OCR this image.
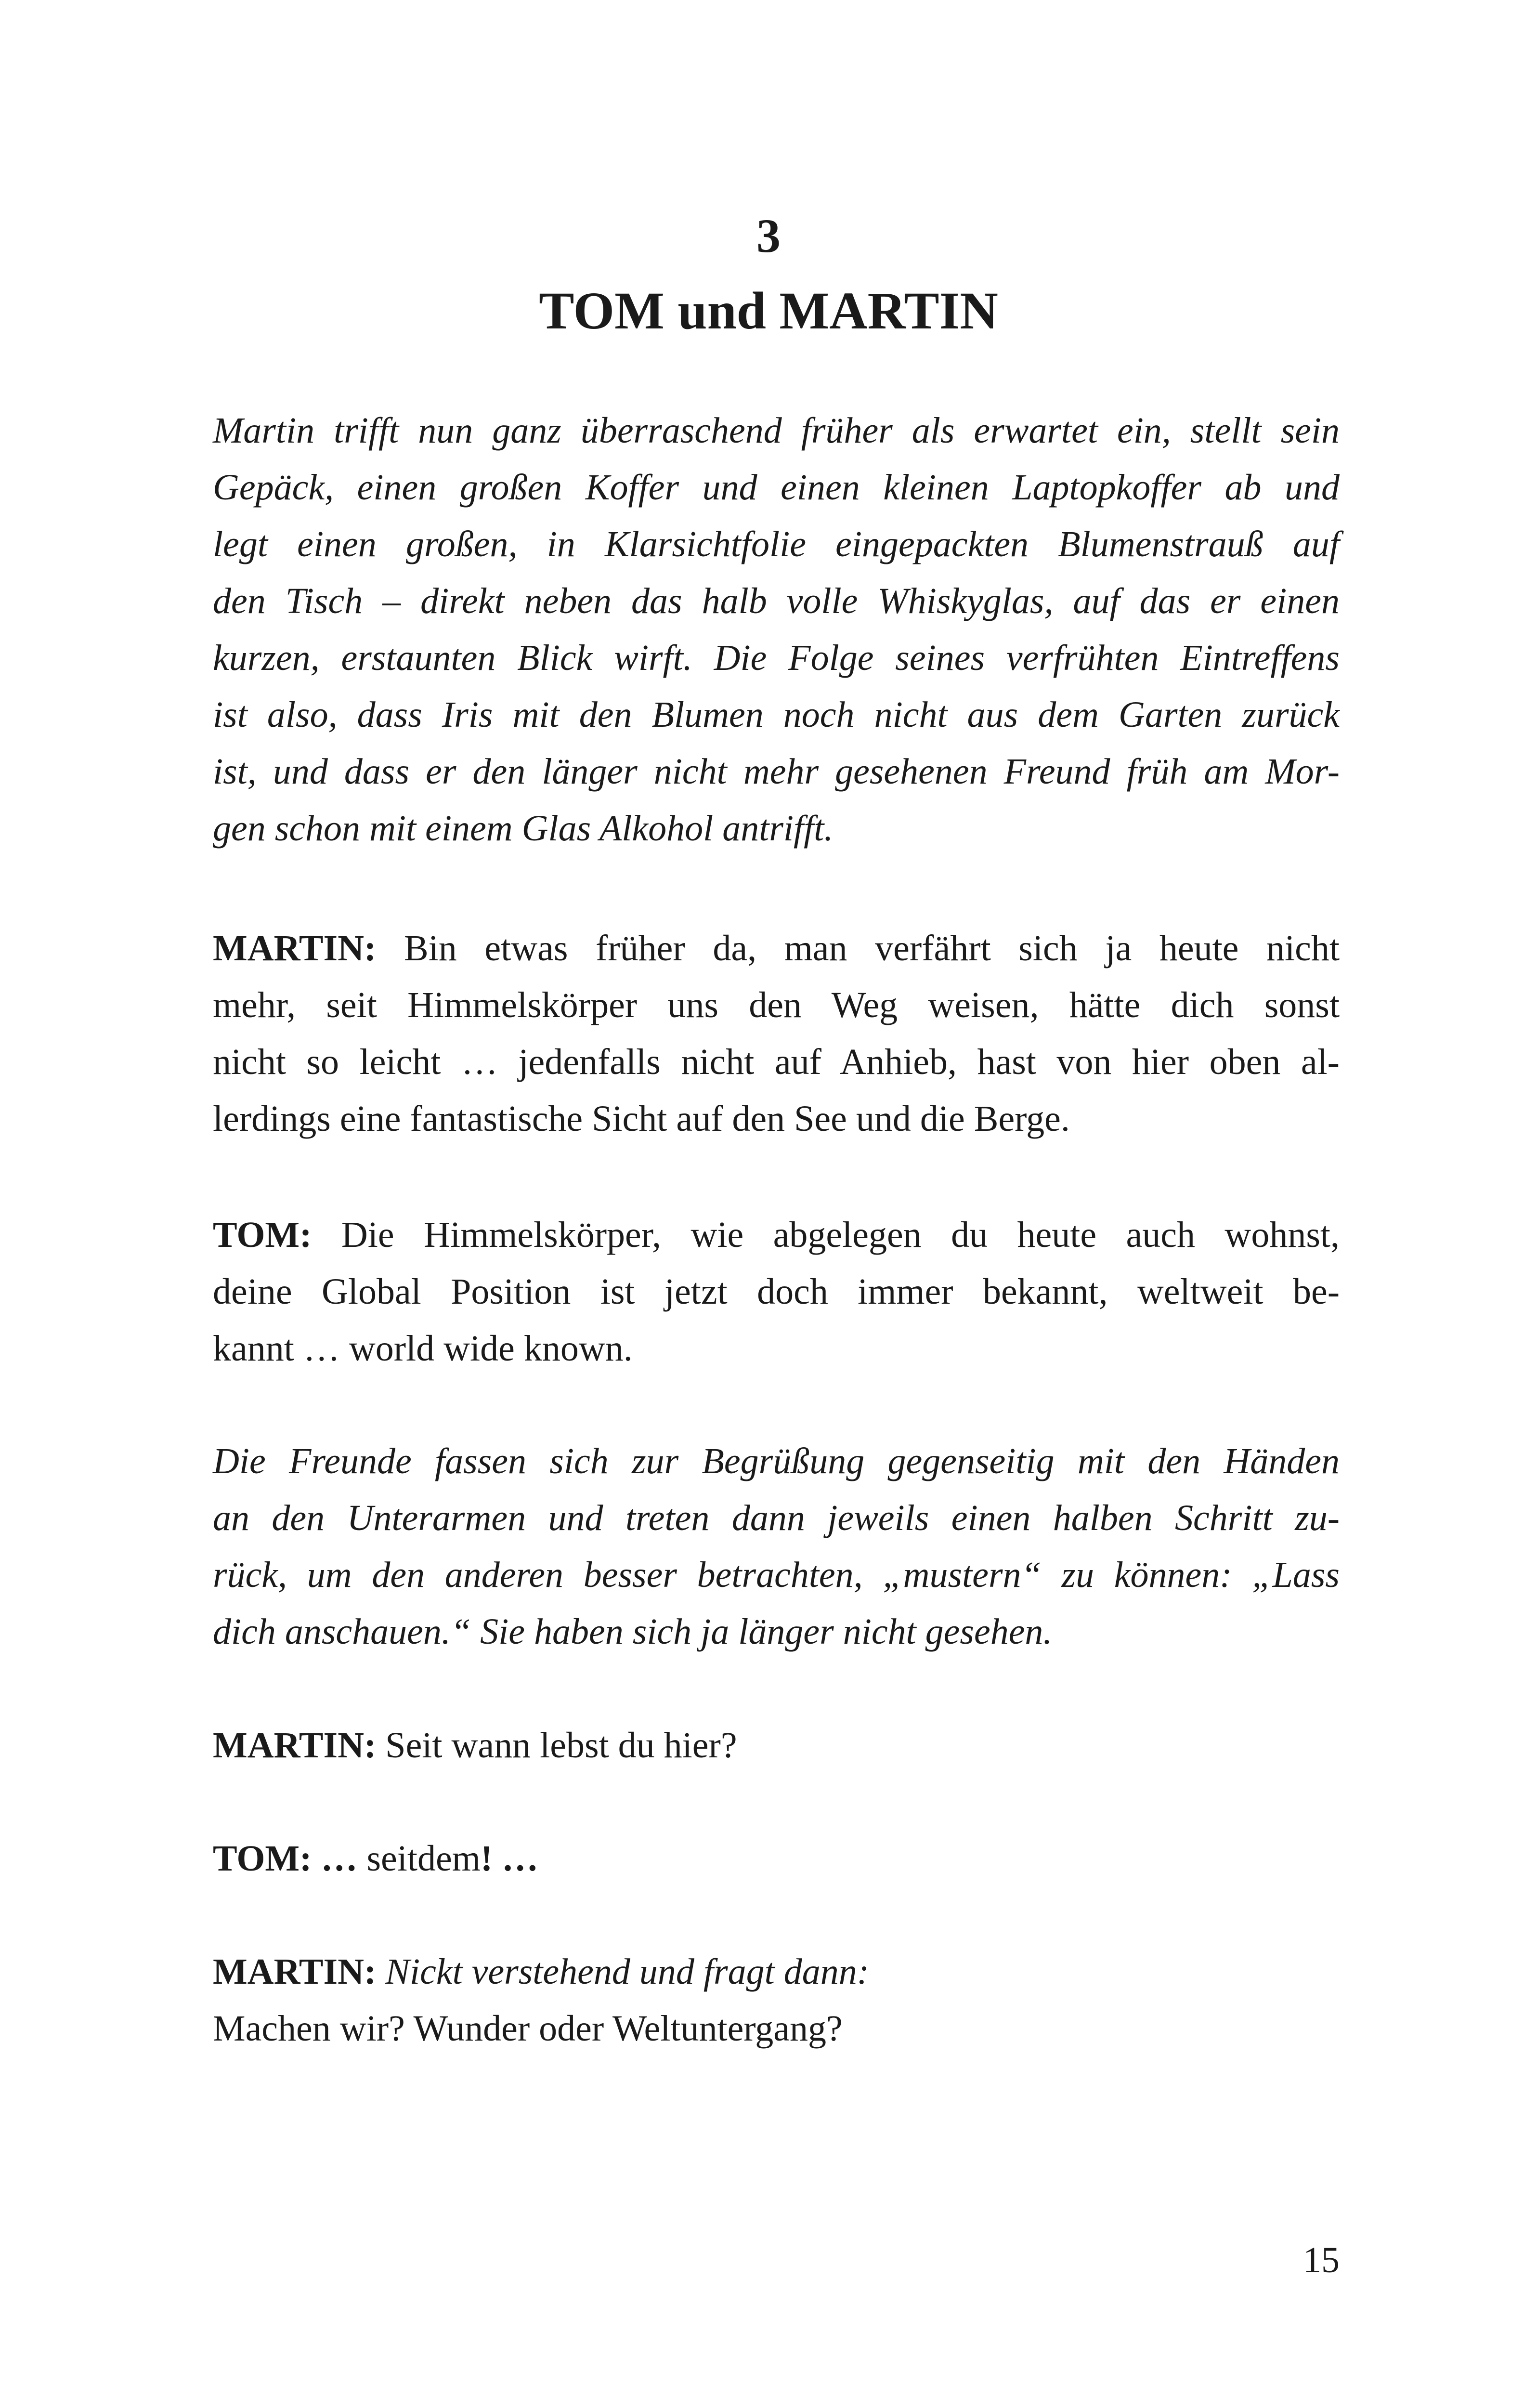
3
TOM und MARTIN
Martin trifft nun ganz überraschend früher als erwartet ein, stellt sein
Gepäck, einen großen Koffer und einen kleinen Laptopkoffer ab und
legt einen großen, in Klarsichtfolie eingepackten Blumenstrauß auf
den Tisch – direkt neben das halb volle Whiskyglas, auf das er einen
kurzen, erstaunten Blick wirft. Die Folge seines verfrühten Eintreffens
ist also, dass Iris mit den Blumen noch nicht aus dem Garten zurück
ist, und dass er den länger nicht mehr gesehenen Freund früh am Mor-
gen schon mit einem Glas Alkohol antrifft.
MARTIN: Bin etwas früher da, man verfährt sich ja heute nicht
mehr, seit Himmelskörper uns den Weg weisen, hätte dich sonst
nicht so leicht … jedenfalls nicht auf Anhieb, hast von hier oben al-
lerdings eine fantastische Sicht auf den See und die Berge.
TOM: Die Himmelskörper, wie abgelegen du heute auch wohnst,
deine Global Position ist jetzt doch immer bekannt, weltweit be-
kannt … world wide known.
Die Freunde fassen sich zur Begrüßung gegenseitig mit den Händen
an den Unterarmen und treten dann jeweils einen halben Schritt zu-
rück, um den anderen besser betrachten, „mustern“ zu können: „Lass
dich anschauen.“ Sie haben sich ja länger nicht gesehen.
MARTIN: Seit wann lebst du hier?
TOM: … seitdem! …
MARTIN: Nickt verstehend und fragt dann:
Machen wir? Wunder oder Weltuntergang?
15
